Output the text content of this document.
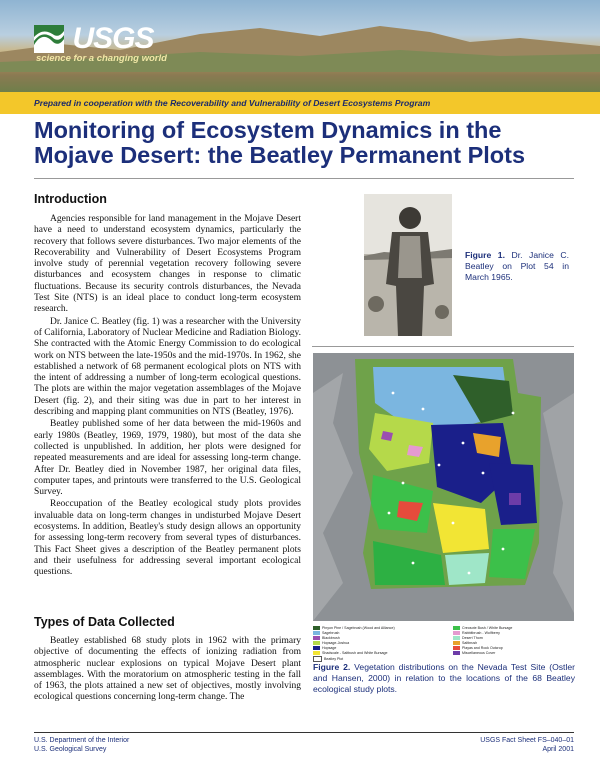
USGS
science for a changing world
Prepared in cooperation with the Recoverability and Vulnerability of Desert Ecosystems Program
Monitoring of Ecosystem Dynamics in the Mojave Desert: the Beatley Permanent Plots
Introduction

Agencies responsible for land management in the Mojave Desert have a need to understand ecosystem dynamics, particularly the recovery that follows severe disturbances. Two major elements of the Recoverability and Vulnerability of Desert Ecosystems Program involve study of perennial vegetation recovery following severe disturbances and ecosystem changes in response to climatic fluctuations. Because its security controls disturbances, the Nevada Test Site (NTS) is an ideal place to conduct long-term ecosystem research.

Dr. Janice C. Beatley (fig. 1) was a researcher with the University of California, Laboratory of Nuclear Medicine and Radiation Biology. She contracted with the Atomic Energy Commission to do ecological work on NTS between the late-1950s and the mid-1970s. In 1962, she established a network of 68 permanent ecological plots on NTS with the intent of addressing a number of long-term ecological questions. The plots are within the major vegetation assemblages of the Mojave Desert (fig. 2), and their siting was due in part to her interest in describing and mapping plant communities on NTS (Beatley, 1976).

Beatley published some of her data between the mid-1960s and early 1980s (Beatley, 1969, 1979, 1980), but most of the data she collected is unpublished. In addition, her plots were designed for repeated measurements and are ideal for assessing long-term change. After Dr. Beatley died in November 1987, her original data files, computer tapes, and printouts were transferred to the U.S. Geological Survey.

Reoccupation of the Beatley ecological study plots provides invaluable data on long-term changes in undisturbed Mojave Desert ecosystems. In addition, Beatley's study design allows an opportunity for assessing long-term recovery from several types of disturbances. This Fact Sheet gives a description of the Beatley permanent plots and their usefulness for addressing several important ecological questions.

Types of Data Collected

Beatley established 68 study plots in 1962 with the primary objective of documenting the effects of ionizing radiation from atmospheric nuclear explosions on typical Mojave Desert plant assemblages. With the moratorium on atmospheric testing in the fall of 1963, the plots attained a new set of objectives, mostly involving ecological questions concerning long-term change. The

Figure 1. Dr. Janice C. Beatley on Plot 54 in March 1965.
Pinyon Pine / Sagebrush (Wood and Alliance)
Sagebrush
Blackbrush
Hopsage-Joshua
Hopsage
Shadscale - Saltbush and White Bursage
Beatley Plot
Creosote Bush / White Bursage
Rabbitbrush - Wolfberry
Desert Thorn
Saltbrush
Playas and Rock Outcrop
Miscellaneous Cover
Figure 2. Vegetation distributions on the Nevada Test Site (Ostler and Hansen, 2000) in relation to the locations of the 68 Beatley ecological study plots.
U.S. Department of the Interior
U.S. Geological Survey
USGS Fact Sheet FS–040–01
April 2001
